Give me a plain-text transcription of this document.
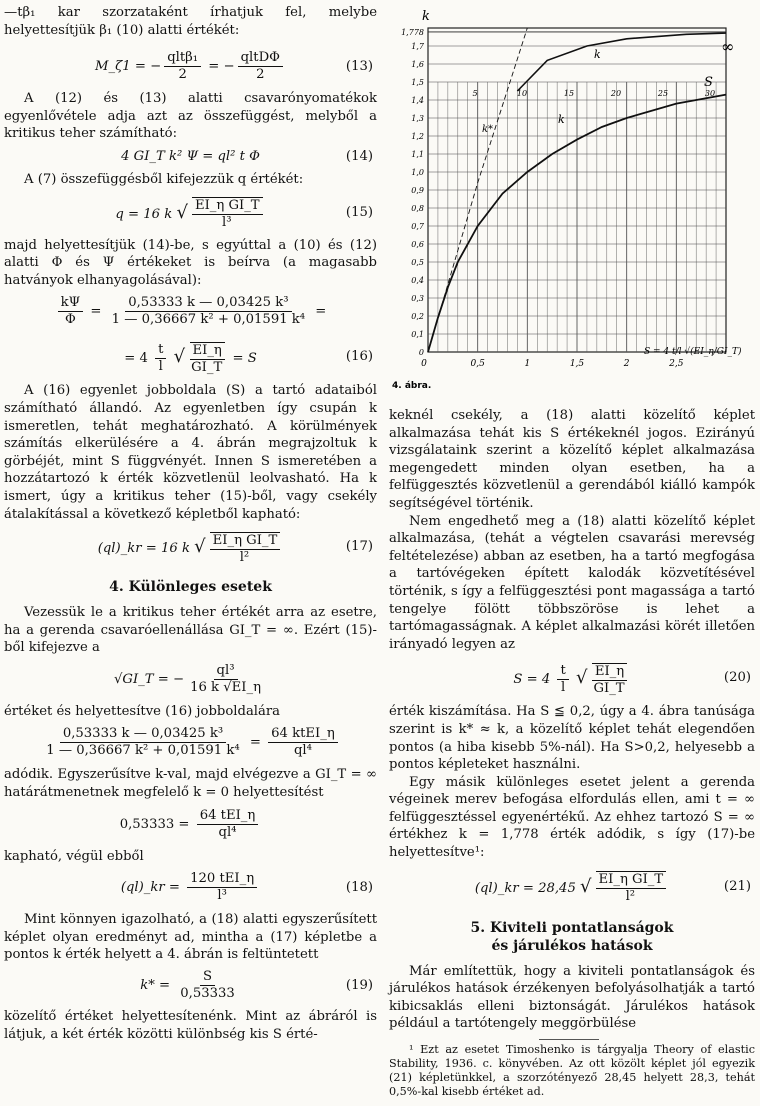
—tβ₁ kar szorzataként írhatjuk fel, melybe helyettesítjük β₁ (10) alatti értékét:

M_ζ1 = − $\frac{\text{qltβ₁}}{2}$ = − $\frac{\text{qltDΦ}}{2}$	(13)

A (12) és (13) alatti csavarónyomatékok egyenlővétele adja azt az összefüggést, melyből a kritikus teher számítható:

4 GI_T k² Ψ = ql² t Φ	(14)

A (7) összefüggésből kifejezzük q értékét:

q = 16 k √ $\frac{\text{EI\_η GI\_T}}{\text{l³}}$	(15)

majd helyettesítjük (14)-be, s egyúttal a (10) és (12) alatti Φ és Ψ értékeket is beírva (a magasabb hatványok elhanyagolásával):

$\frac{k\Psi}{\Phi} = \frac{\text{0,53333 k — 0,03425 k³}}{\text{1 — 0,36667 k² + 0,01591 k⁴}}$ =
= $4 \frac{t}{l}$ √ $\frac{EI\_\eta}{GI\_T} = S$	(16)

A (16) egyenlet jobboldala (S) a tartó adataiból számítható állandó. Az egyenletben így csupán k ismeretlen, tehát meghatározható. A körülmények számítás elkerülésére a 4. ábrán megrajzoltuk k görbéjét, mint S függvényét. Innen S ismeretében a hozzátartozó k érték közvetlenül leolvasható. Ha k ismert, úgy a kritikus teher (15)-ből, vagy csekély átalakítással a következő képletből kapható:

(ql)_kr = 16 k √ $\frac{\text{EI\_η GI\_T}}{\text{l²}}$	(17)
4. Különleges esetek

Vezessük le a kritikus teher értékét arra az esetre, ha a gerenda csavaróellenállása GI_T = ∞. Ezért (15)-ből kifejezve a

√GI_T = − $\frac{\text{ql³}}{16 k √EI\_\eta}$

értéket és helyettesítve (16) jobboldalára

$\frac{\text{0,53333 k — 0,03425 k³}}{\text{1 — 0,36667 k² + 0,01591 k⁴}} = \frac{\text{64 ktEI\_η}}{\text{ql⁴}}$

adódik. Egyszerűsítve k-val, majd elvégezve a GI_T = ∞ határátmenetnek megfelelő k = 0 helyettesítést

$0,53333 = \frac{\text{64 tEI\_η}}{\text{ql⁴}}$

kapható, végül ebből

(ql)_kr = $\frac{\text{120 tEI\_η}}{\text{l³}}$	(18)

Mint könnyen igazolható, a (18) alatti egyszerűsített képlet olyan eredményt ad, mintha a (17) képletbe a pontos k érték helyett a 4. ábrán is feltüntetett

$k* = \frac{S}{0,53333}$	(19)

közelítő értéket helyettesítenénk. Mint az ábráról is látjuk, a két érték közötti különbség kis S érté-

1,778
1,7
1,6
1,5
1,4
1,3
1,2
1,1
1,0
0,9
0,8
0,7
0,6
0,5
0,4
0,3
0,2
0,1
0
0,5	1	1,5	2	2,5
0
5	10	15	20	25	30
k
∞
S
k
k
k*
S = 4 t/l √(EI_η/GI_T)
4. ábra.

keknél csekély, a (18) alatti közelítő képlet alkalmazása tehát kis S értékeknél jogos. Ezirányú vizsgálataink szerint a közelítő képlet alkalmazása megengedett minden olyan esetben, ha a felfüggesztés közvetlenül a gerendából kiálló kampók segítségével történik.

Nem engedhető meg a (18) alatti közelítő képlet alkalmazása, (tehát a végtelen csavarási merevség feltételezése) abban az esetben, ha a tartó megfogása a tartóvégeken épített kalodák közvetítésével történik, s így a felfüggesztési pont magassága a tartó tengelye fölött többszöröse is lehet a tartómagasságnak. A képlet alkalmazási körét illetően irányadó legyen az

$S = 4 \frac{t}{l}$ √ $\frac{EI\_\eta}{GI\_T}$	(20)

érték kiszámítása. Ha S ≦ 0,2, úgy a 4. ábra tanúsága szerint is k* ≈ k, a közelítő képlet tehát elegendően pontos (a hiba kisebb 5%-nál). Ha S>0,2, helyesebb a pontos képleteket használni.

Egy másik különleges esetet jelent a gerenda végeinek merev befogása elfordulás ellen, ami t = ∞ felfüggesztéssel egyenértékű. Az ehhez tartozó S = ∞ értékhez k = 1,778 érték adódik, s így (17)-be helyettesítve¹:

(ql)_kr = 28,45 √ $\frac{\text{EI\_η GI\_T}}{\text{l²}}$	(21)
5. Kiviteli pontatlanságok
és járulékos hatások

Már említettük, hogy a kiviteli pontatlanságok és járulékos hatások érzékenyen befolyásolhatják a tartó kibicsaklás elleni biztonságát. Járulékos hatások például a tartótengely meggörbülése

¹ Ezt az esetet Timoshenko is tárgyalja Theory of elastic Stability, 1936. c. könyvében. Az ott közölt képlet jól egyezik (21) képletünkkel, a szorzótényező 28,45 helyett 28,3, tehát 0,5%-kal kisebb értéket ad.
